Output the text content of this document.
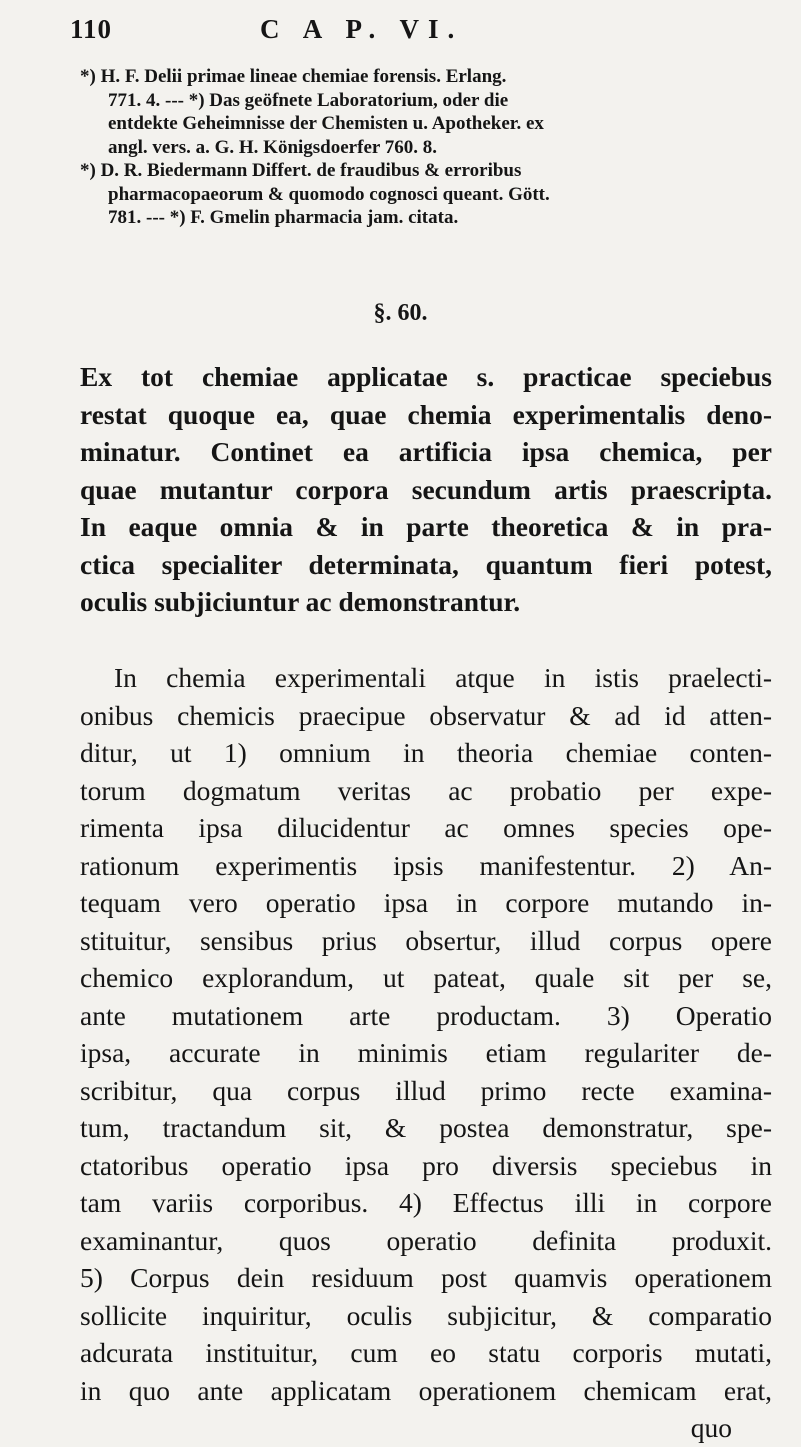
110	C A P. VI.
*) H. F. Delii primae lineae chemiae forensis. Erlang.
771. 4. --- *) Das geöfnete Laboratorium, oder die
entdekte Geheimnisse der Chemisten u. Apotheker. ex
angl. vers. a. G. H. Königsdoerfer 760. 8.
*) D. R. Biedermann Differt. de fraudibus & erroribus
pharmacopaeorum & quomodo cognosci queant. Gött.
781. --- *) F. Gmelin pharmacia jam. citata.
§. 60.
Ex tot chemiae applicatae s. practicae speciebus
restat quoque ea, quae chemia experimentalis deno-
minatur. Continet ea artificia ipsa chemica, per
quae mutantur corpora secundum artis praescripta.
In eaque omnia & in parte theoretica & in pra-
ctica specialiter determinata, quantum fieri potest,
oculis subjiciuntur ac demonstrantur.
In chemia experimentali atque in istis praelecti-
onibus chemicis praecipue observatur & ad id atten-
ditur, ut 1) omnium in theoria chemiae conten-
torum dogmatum veritas ac probatio per expe-
rimenta ipsa dilucidentur ac omnes species ope-
rationum experimentis ipsis manifestentur. 2) An-
tequam vero operatio ipsa in corpore mutando in-
stituitur, sensibus prius obsertur, illud corpus opere
chemico explorandum, ut pateat, quale sit per se,
ante mutationem arte productam. 3) Operatio
ipsa, accurate in minimis etiam regulariter de-
scribitur, qua corpus illud primo recte examina-
tum, tractandum sit, & postea demonstratur, spe-
ctatoribus operatio ipsa pro diversis speciebus in
tam variis corporibus. 4) Effectus illi in corpore
examinantur, quos operatio definita produxit.
5) Corpus dein residuum post quamvis operationem
sollicite inquiritur, oculis subjicitur, & comparatio
adcurata instituitur, cum eo statu corporis mutati,
in quo ante applicatam operationem chemicam erat,
quo
